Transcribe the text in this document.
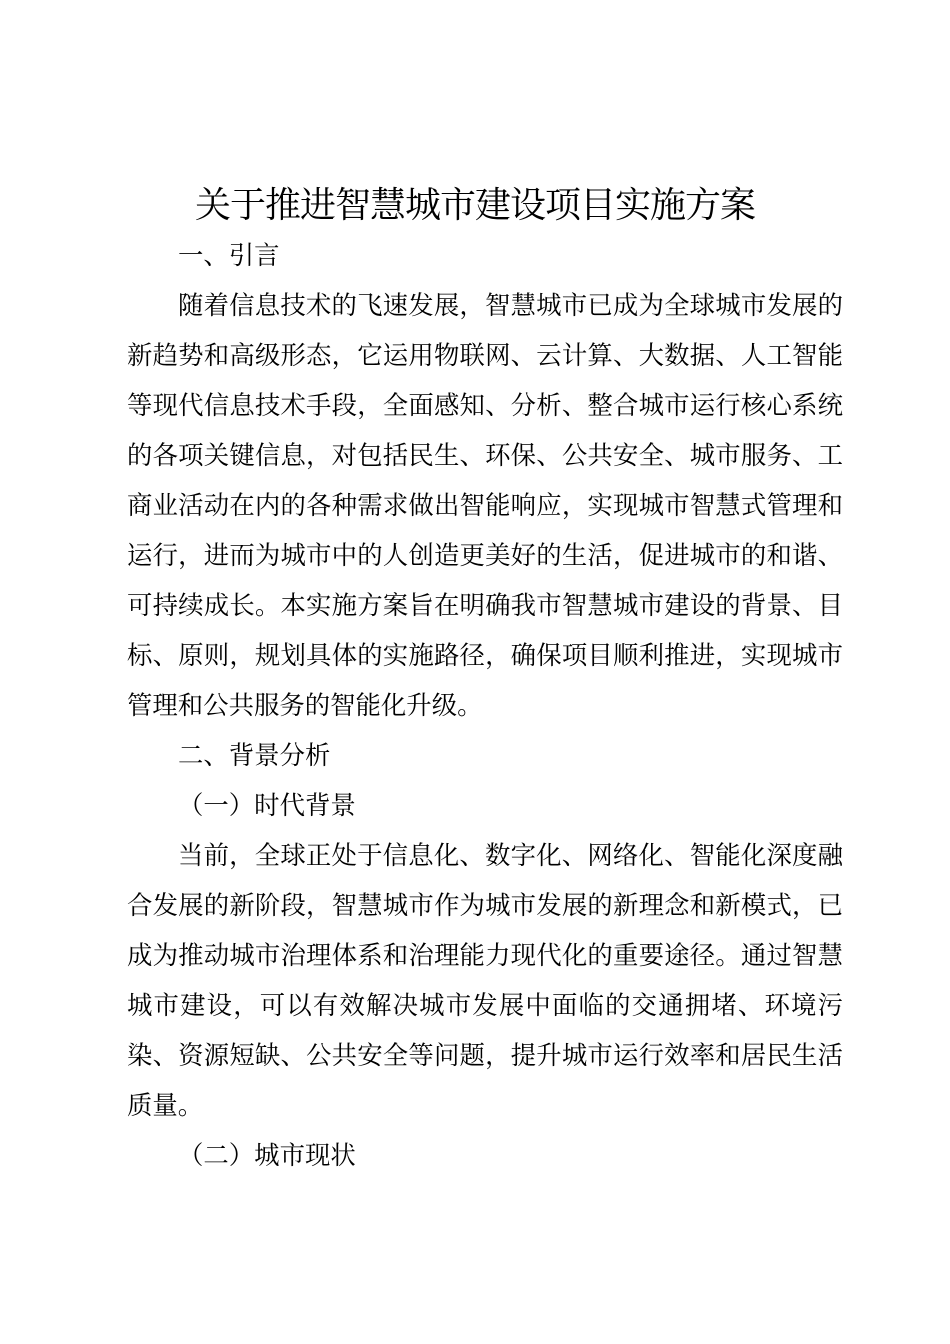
关于推进智慧城市建设项目实施方案

一、引言

随着信息技术的飞速发展，智慧城市已成为全球城市发展的新趋势和高级形态，它运用物联网、云计算、大数据、人工智能等现代信息技术手段，全面感知、分析、整合城市运行核心系统的各项关键信息，对包括民生、环保、公共安全、城市服务、工商业活动在内的各种需求做出智能响应，实现城市智慧式管理和运行，进而为城市中的人创造更美好的生活，促进城市的和谐、可持续成长。本实施方案旨在明确我市智慧城市建设的背景、目标、原则，规划具体的实施路径，确保项目顺利推进，实现城市管理和公共服务的智能化升级。

二、背景分析

（一）时代背景

当前，全球正处于信息化、数字化、网络化、智能化深度融合发展的新阶段，智慧城市作为城市发展的新理念和新模式，已成为推动城市治理体系和治理能力现代化的重要途径。通过智慧城市建设，可以有效解决城市发展中面临的交通拥堵、环境污染、资源短缺、公共安全等问题，提升城市运行效率和居民生活质量。

（二）城市现状
